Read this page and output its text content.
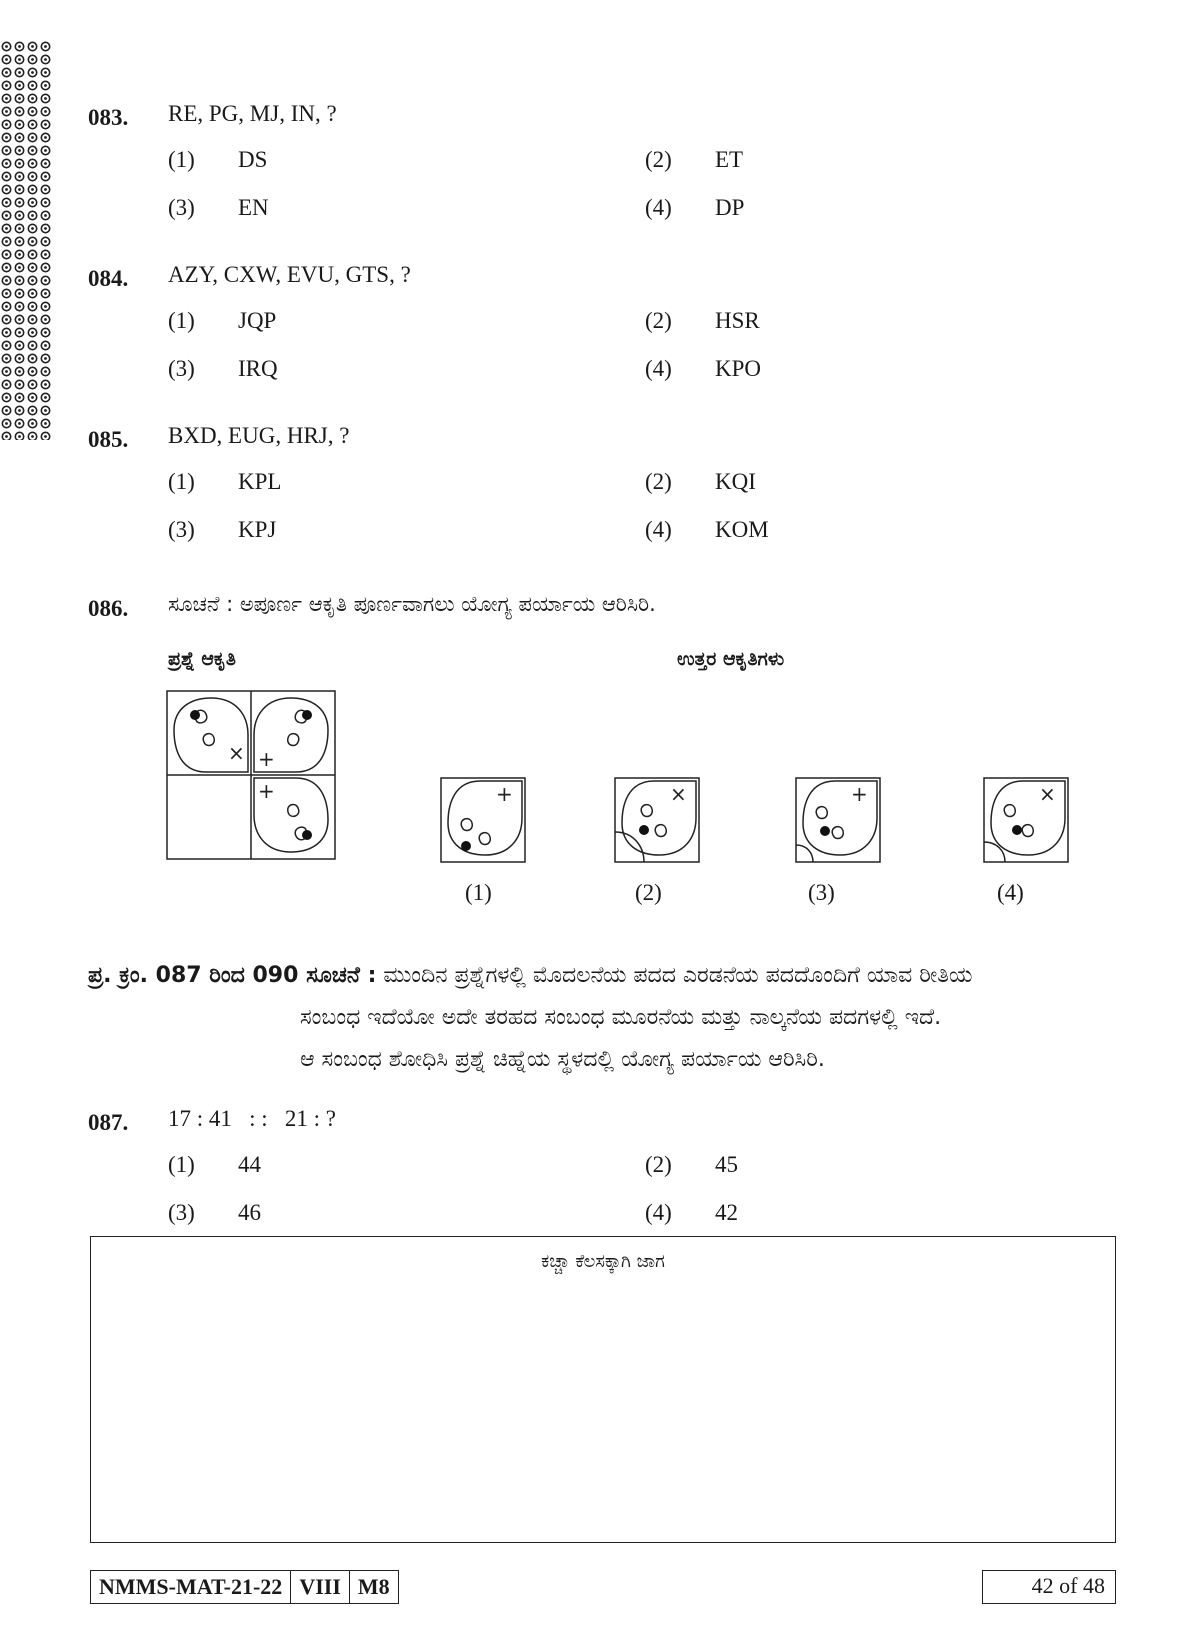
083. RE, PG, MJ, IN, ?
(1) DS	(2) ET
(3) EN	(4) DP
084. AZY, CXW, EVU, GTS, ?
(1) JQP	(2) HSR
(3) IRQ	(4) KPO
085. BXD, EUG, HRJ, ?
(1) KPL	(2) KQI
(3) KPJ	(4) KOM
086. ಸೂಚನೆ : ಅಪೂರ್ಣ ಆಕೃತಿ ಪೂರ್ಣವಾಗಲು ಯೋಗ್ಯ ಪರ್ಯಾಯ ಆರಿಸಿರಿ.
ಪ್ರಶ್ನೆ ಆಕೃತಿ	ಉತ್ತರ ಆಕೃತಿಗಳು
× +
+	+	×	+	×
(1)	(2)	(3)	(4)
ಪ್ರ. ಕ್ರಂ. 087 ರಿಂದ 090 ಸೂಚನೆ : ಮುಂದಿನ ಪ್ರಶ್ನೆಗಳಲ್ಲಿ ಮೊದಲನೆಯ ಪದದ ಎರಡನೆಯ ಪದದೊಂದಿಗೆ ಯಾವ ರೀತಿಯ
ಸಂಬಂಧ ಇದೆಯೋ ಅದೇ ತರಹದ ಸಂಬಂಧ ಮೂರನೆಯ ಮತ್ತು ನಾಲ್ಕನೆಯ ಪದಗಳಲ್ಲಿ ಇದೆ.
ಆ ಸಂಬಂಧ ಶೋಧಿಸಿ ಪ್ರಶ್ನೆ ಚಿಹ್ನೆಯ ಸ್ಥಳದಲ್ಲಿ ಯೋಗ್ಯ ಪರ್ಯಾಯ ಆರಿಸಿರಿ.
087. 17 : 41   : :   21 : ?
(1) 44	(2) 45
(3) 46	(4) 42
ಕಚ್ಚಾ ಕೆಲಸಕ್ಕಾಗಿ ಜಾಗ
NMMS-MAT-21-22 VIII M8	42 of 48
